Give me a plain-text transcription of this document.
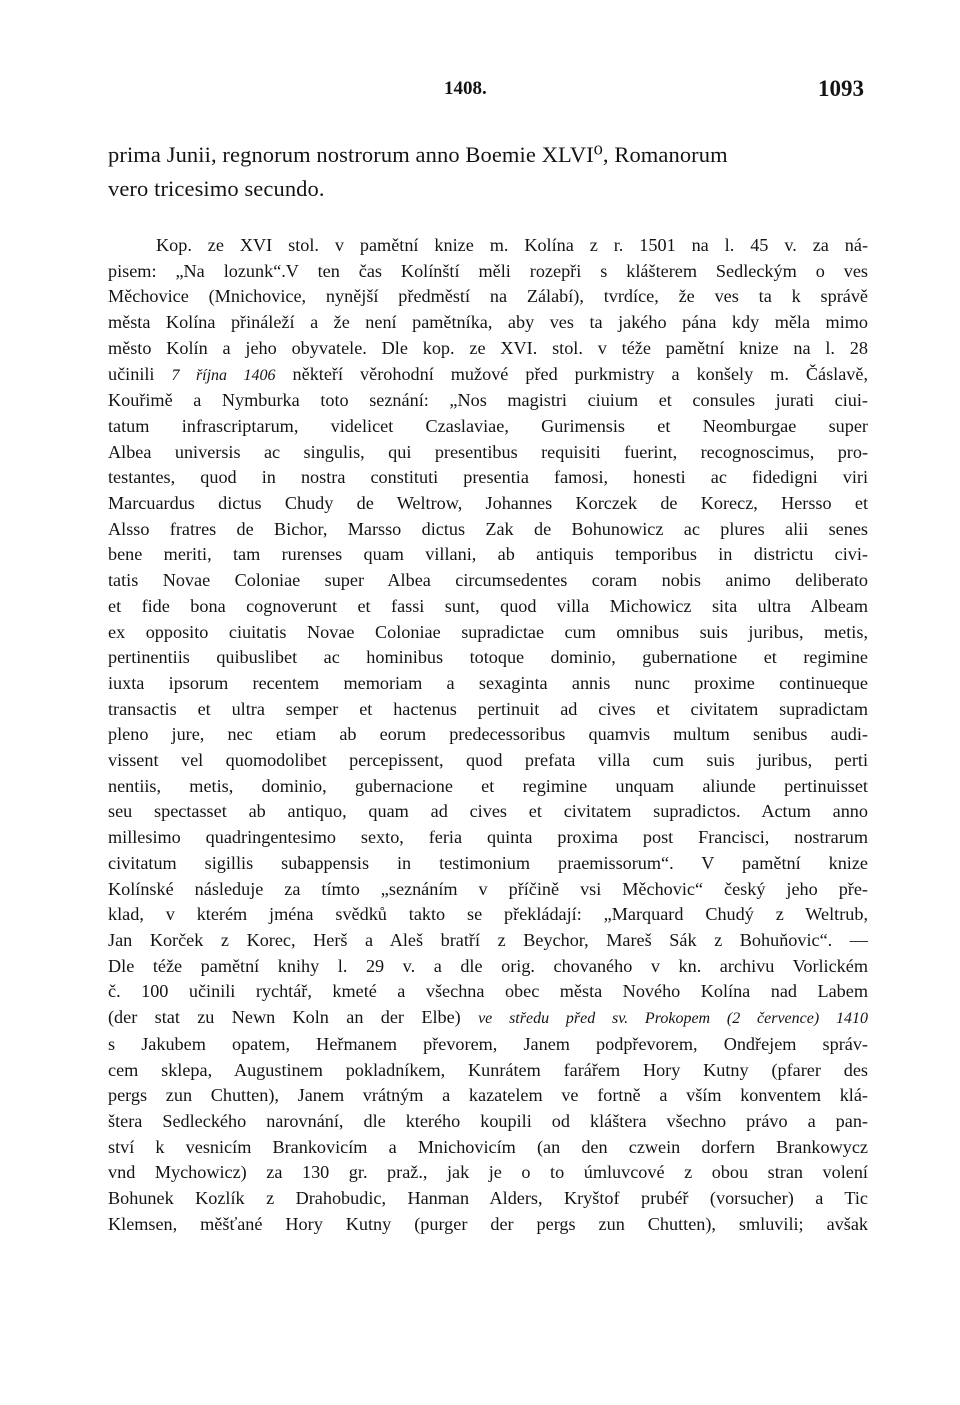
1408.	1093
prima Junii, regnorum nostrorum anno Boemie XLVI⁰, Romanorum
vero tricesimo secundo.
Kop. ze XVI stol. v pamětní knize m. Kolína z r. 1501 na l. 45 v. za ná-
pisem: „Na lozunk“.V ten čas Kolínští měli rozepři s klášterem Sedleckým o ves
Měchovice (Mnichovice, nynější předměstí na Zálabí), tvrdíce, že ves ta k správě
města Kolína přináleží a že není pamětníka, aby ves ta jakého pána kdy měla mimo
město Kolín a jeho obyvatele. Dle kop. ze XVI. stol. v téže pamětní knize na l. 28
učinili 7 října 1406 někteří věrohodní mužové před purkmistry a konšely m. Čáslavě,
Kouřimě a Nymburka toto seznání: „Nos magistri ciuium et consules jurati ciui-
tatum infrascriptarum, videlicet Czaslaviae, Gurimensis et Neomburgae super
Albea universis ac singulis, qui presentibus requisiti fuerint, recognoscimus, pro-
testantes, quod in nostra constituti presentia famosi, honesti ac fidedigni viri
Marcuardus dictus Chudy de Weltrow, Johannes Korczek de Korecz, Hersso et
Alsso fratres de Bichor, Marsso dictus Zak de Bohunowicz ac plures alii senes
bene meriti, tam rurenses quam villani, ab antiquis temporibus in districtu civi-
tatis Novae Coloniae super Albea circumsedentes coram nobis animo deliberato
et fide bona cognoverunt et fassi sunt, quod villa Michowicz sita ultra Albeam
ex opposito ciuitatis Novae Coloniae supradictae cum omnibus suis juribus, metis,
pertinentiis quibuslibet ac hominibus totoque dominio, gubernatione et regimine
iuxta ipsorum recentem memoriam a sexaginta annis nunc proxime continueque
transactis et ultra semper et hactenus pertinuit ad cives et civitatem supradictam
pleno jure, nec etiam ab eorum predecessoribus quamvis multum senibus audi-
vissent vel quomodolibet percepissent, quod prefata villa cum suis juribus, perti
nentiis, metis, dominio, gubernacione et regimine unquam aliunde pertinuisset
seu spectasset ab antiquo, quam ad cives et civitatem supradictos. Actum anno
millesimo quadringentesimo sexto, feria quinta proxima post Francisci, nostrarum
civitatum sigillis subappensis in testimonium praemissorum“. V pamětní knize
Kolínské následuje za tímto „seznáním v příčině vsi Měchovic“ český jeho pře-
klad, v kterém jména svědků takto se překládají: „Marquard Chudý z Weltrub,
Jan Korček z Korec, Herš a Aleš bratří z Beychor, Mareš Sák z Bohuňovic“. —
Dle téže pamětní knihy l. 29 v. a dle orig. chovaného v kn. archivu Vorlickém
č. 100 učinili rychtář, kmeté a všechna obec města Nového Kolína nad Labem
(der stat zu Newn Koln an der Elbe) ve středu před sv. Prokopem (2 července) 1410
s Jakubem opatem, Heřmanem převorem, Janem podpřevorem, Ondřejem správ-
cem sklepa, Augustinem pokladníkem, Kunrátem farářem Hory Kutny (pfarer des
pergs zun Chutten), Janem vrátným a kazatelem ve fortně a vším konventem klá-
štera Sedleckého narovnání, dle kterého koupili od kláštera všechno právo a pan-
ství k vesnicím Brankovicím a Mnichovicím (an den czwein dorfern Brankowycz
vnd Mychowicz) za 130 gr. praž., jak je o to úmluvcové z obou stran volení
Bohunek Kozlík z Drahobudic, Hanman Alders, Kryštof prubéř (vorsucher) a Tic
Klemsen, měšťané Hory Kutny (purger der pergs zun Chutten), smluvili; avšak
